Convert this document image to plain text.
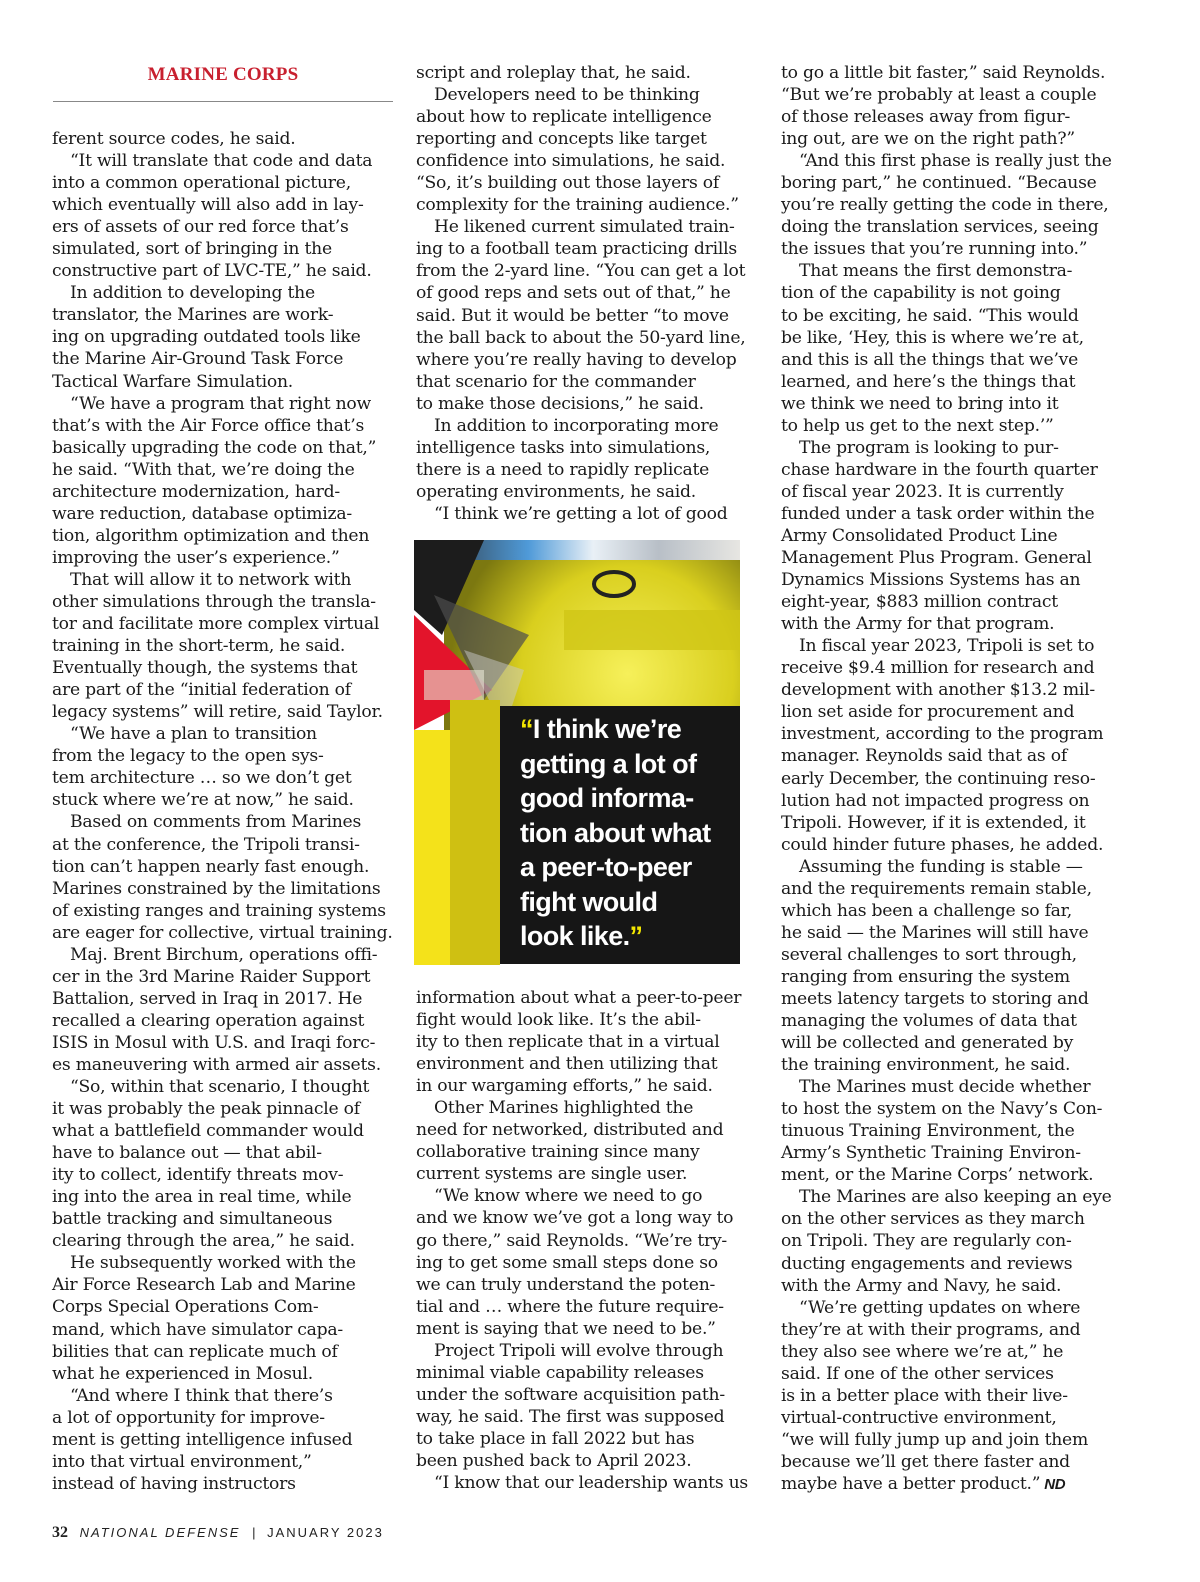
MARINE CORPS
ferent source codes, he said.
“It will translate that code and data
into a common operational picture,
which eventually will also add in lay-
ers of assets of our red force that’s
simulated, sort of bringing in the
constructive part of LVC-TE,” he said.
In addition to developing the
translator, the Marines are work-
ing on upgrading outdated tools like
the Marine Air-Ground Task Force
Tactical Warfare Simulation.
“We have a program that right now
that’s with the Air Force office that’s
basically upgrading the code on that,”
he said. “With that, we’re doing the
architecture modernization, hard-
ware reduction, database optimiza-
tion, algorithm optimization and then
improving the user’s experience.”
That will allow it to network with
other simulations through the transla-
tor and facilitate more complex virtual
training in the short-term, he said.
Eventually though, the systems that
are part of the “initial federation of
legacy systems” will retire, said Taylor.
“We have a plan to transition
from the legacy to the open sys-
tem architecture … so we don’t get
stuck where we’re at now,” he said.
Based on comments from Marines
at the conference, the Tripoli transi-
tion can’t happen nearly fast enough.
Marines constrained by the limitations
of existing ranges and training systems
are eager for collective, virtual training.
Maj. Brent Birchum, operations offi-
cer in the 3rd Marine Raider Support
Battalion, served in Iraq in 2017. He
recalled a clearing operation against
ISIS in Mosul with U.S. and Iraqi forc-
es maneuvering with armed air assets.
“So, within that scenario, I thought
it was probably the peak pinnacle of
what a battlefield commander would
have to balance out — that abil-
ity to collect, identify threats mov-
ing into the area in real time, while
battle tracking and simultaneous
clearing through the area,” he said.
He subsequently worked with the
Air Force Research Lab and Marine
Corps Special Operations Com-
mand, which have simulator capa-
bilities that can replicate much of
what he experienced in Mosul.
“And where I think that there’s
a lot of opportunity for improve-
ment is getting intelligence infused
into that virtual environment,”
instead of having instructors
script and roleplay that, he said.
Developers need to be thinking
about how to replicate intelligence
reporting and concepts like target
confidence into simulations, he said.
“So, it’s building out those layers of
complexity for the training audience.”
He likened current simulated train-
ing to a football team practicing drills
from the 2-yard line. “You can get a lot
of good reps and sets out of that,” he
said. But it would be better “to move
the ball back to about the 50-yard line,
where you’re really having to develop
that scenario for the commander
to make those decisions,” he said.
In addition to incorporating more
intelligence tasks into simulations,
there is a need to rapidly replicate
operating environments, he said.
“I think we’re getting a lot of good
“I think we’re
getting a lot of
good informa-
tion about what
a peer-to-peer
fight would
look like.”
information about what a peer-to-peer
fight would look like. It’s the abil-
ity to then replicate that in a virtual
environment and then utilizing that
in our wargaming efforts,” he said.
Other Marines highlighted the
need for networked, distributed and
collaborative training since many
current systems are single user.
“We know where we need to go
and we know we’ve got a long way to
go there,” said Reynolds. “We’re try-
ing to get some small steps done so
we can truly understand the poten-
tial and … where the future require-
ment is saying that we need to be.”
Project Tripoli will evolve through
minimal viable capability releases
under the software acquisition path-
way, he said. The first was supposed
to take place in fall 2022 but has
been pushed back to April 2023.
“I know that our leadership wants us
to go a little bit faster,” said Reynolds.
“But we’re probably at least a couple
of those releases away from figur-
ing out, are we on the right path?”
“And this first phase is really just the
boring part,” he continued. “Because
you’re really getting the code in there,
doing the translation services, seeing
the issues that you’re running into.”
That means the first demonstra-
tion of the capability is not going
to be exciting, he said. “This would
be like, ‘Hey, this is where we’re at,
and this is all the things that we’ve
learned, and here’s the things that
we think we need to bring into it
to help us get to the next step.’”
The program is looking to pur-
chase hardware in the fourth quarter
of fiscal year 2023. It is currently
funded under a task order within the
Army Consolidated Product Line
Management Plus Program. General
Dynamics Missions Systems has an
eight-year, $883 million contract
with the Army for that program.
In fiscal year 2023, Tripoli is set to
receive $9.4 million for research and
development with another $13.2 mil-
lion set aside for procurement and
investment, according to the program
manager. Reynolds said that as of
early December, the continuing reso-
lution had not impacted progress on
Tripoli. However, if it is extended, it
could hinder future phases, he added.
Assuming the funding is stable —
and the requirements remain stable,
which has been a challenge so far,
he said — the Marines will still have
several challenges to sort through,
ranging from ensuring the system
meets latency targets to storing and
managing the volumes of data that
will be collected and generated by
the training environment, he said.
The Marines must decide whether
to host the system on the Navy’s Con-
tinuous Training Environment, the
Army’s Synthetic Training Environ-
ment, or the Marine Corps’ network.
The Marines are also keeping an eye
on the other services as they march
on Tripoli. They are regularly con-
ducting engagements and reviews
with the Army and Navy, he said.
“We’re getting updates on where
they’re at with their programs, and
they also see where we’re at,” he
said. If one of the other services
is in a better place with their live-
virtual-contructive environment,
“we will fully jump up and join them
because we’ll get there faster and
maybe have a better product.” ND
32 NATIONAL DEFENSE | JANUARY 2023
